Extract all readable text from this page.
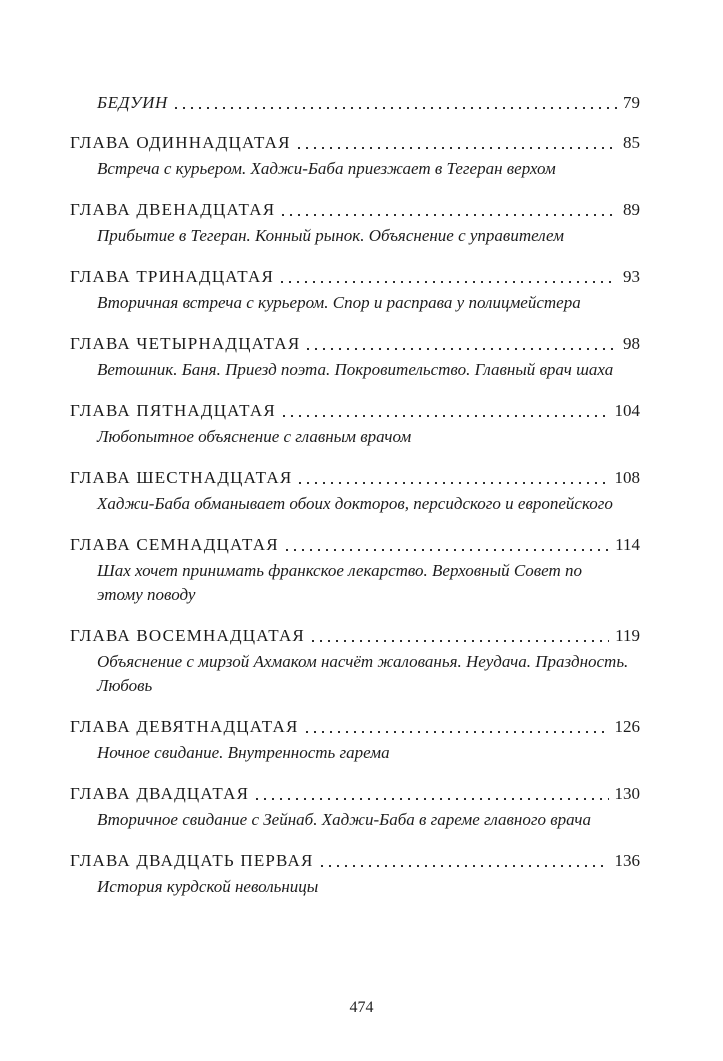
БЕДУИН	79
ГЛАВА ОДИННАДЦАТАЯ	85
Встреча с курьером. Хаджи-Баба приезжает в Тегеран верхом
ГЛАВА ДВЕНАДЦАТАЯ	89
Прибытие в Тегеран. Конный рынок. Объяснение с управителем
ГЛАВА ТРИНАДЦАТАЯ	93
Вторичная встреча с курьером. Спор и расправа у полицмейстера
ГЛАВА ЧЕТЫРНАДЦАТАЯ	98
Ветошник. Баня. Приезд поэта. Покровительство. Главный врач шаха
ГЛАВА ПЯТНАДЦАТАЯ	104
Любопытное объяснение с главным врачом
ГЛАВА ШЕСТНАДЦАТАЯ	108
Хаджи-Баба обманывает обоих докторов, персидского и европейского
ГЛАВА СЕМНАДЦАТАЯ	114
Шах хочет принимать франкское лекарство. Верховный Совет по этому поводу
ГЛАВА ВОСЕМНАДЦАТАЯ	119
Объяснение с мирзой Ахмаком насчёт жалованья. Неудача. Праздность. Любовь
ГЛАВА ДЕВЯТНАДЦАТАЯ	126
Ночное свидание. Внутренность гарема
ГЛАВА ДВАДЦАТАЯ	130
Вторичное свидание с Зейнаб. Хаджи-Баба в гареме главного врача
ГЛАВА ДВАДЦАТЬ ПЕРВАЯ	136
История курдской невольницы
474
